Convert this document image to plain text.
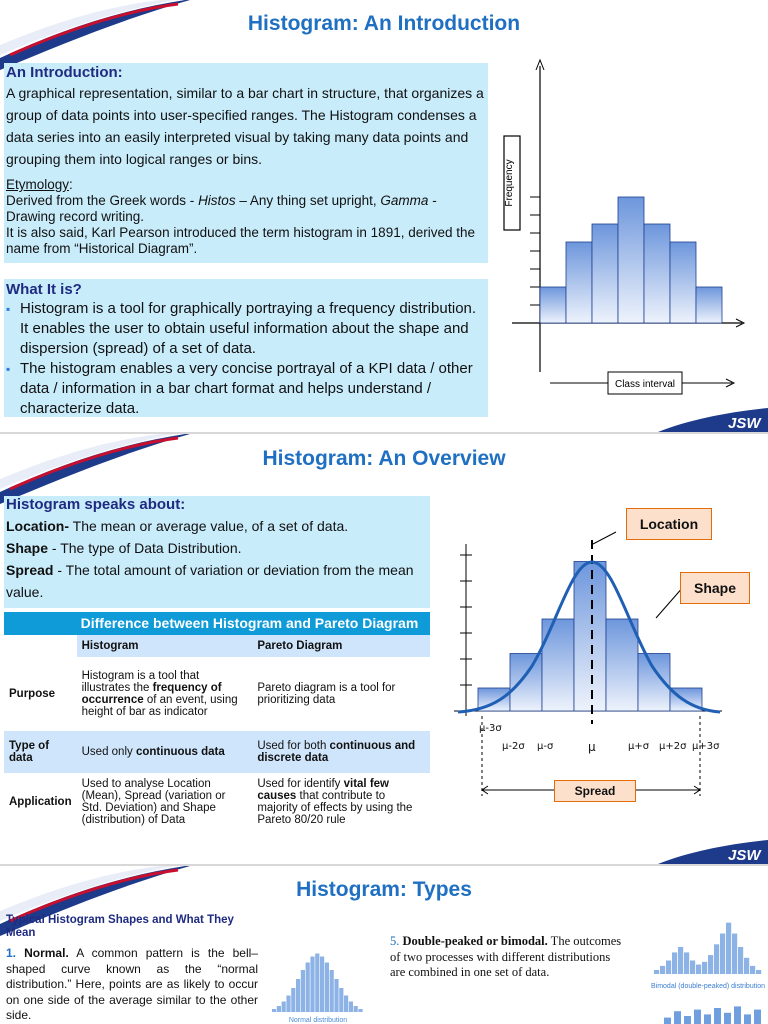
Histogram: An Introduction
An Introduction:
A graphical representation, similar to a bar chart in structure, that organizes a group of data points into user-specified ranges. The Histogram condenses a data series into an easily interpreted visual by taking many data points and grouping them into logical ranges or bins.
Etymology:
Derived from the Greek words - Histos – Any thing set upright, Gamma - Drawing record writing.
It is also said, Karl Pearson introduced the term histogram in 1891, derived the name from “Historical Diagram”.
What It is?
▪ Histogram is a tool for graphically portraying a frequency distribution. It enables the user to obtain useful information about the shape and dispersion (spread) of a set of data.
▪ The histogram enables a very concise portrayal of a KPI data / other data / information in a bar chart format and helps understand / characterize data.
Frequency
Class interval
JSW
Histogram: An Overview
Histogram speaks about:
Location- The mean or average value, of a set of data.
Shape - The type of Data Distribution.
Spread - The total amount of variation or deviation from the mean value.
	Difference between Histogram and Pareto Diagram	
	Histogram	Pareto Diagram
Purpose	Histogram is a tool that illustrates the frequency of occurrence of an event, using height of bar as indicator	Pareto diagram is a tool for prioritizing data
Type of data	Used only continuous data	Used for both continuous and discrete data
Application	Used to analyse Location (Mean), Spread (variation or Std. Deviation) and Shape (distribution) of Data	Used for identify vital few causes that contribute to majority of effects by using the Pareto 80/20 rule
Location
Shape
Spread
μ-3σ
μ-2σ μ-σ	μ	μ+σ μ+2σ μ+3σ
JSW
Histogram: Types
Typical Histogram Shapes and What They Mean
1. Normal. A common pattern is the bell–shaped curve known as the “normal distribution.” Here, points are as likely to occur on one side of the average similar to the other side.	Normal distribution
5. Double-peaked or bimodal. The outcomes of two processes with different distributions are combined in one set of data.
Bimodal (double-peaked) distribution
